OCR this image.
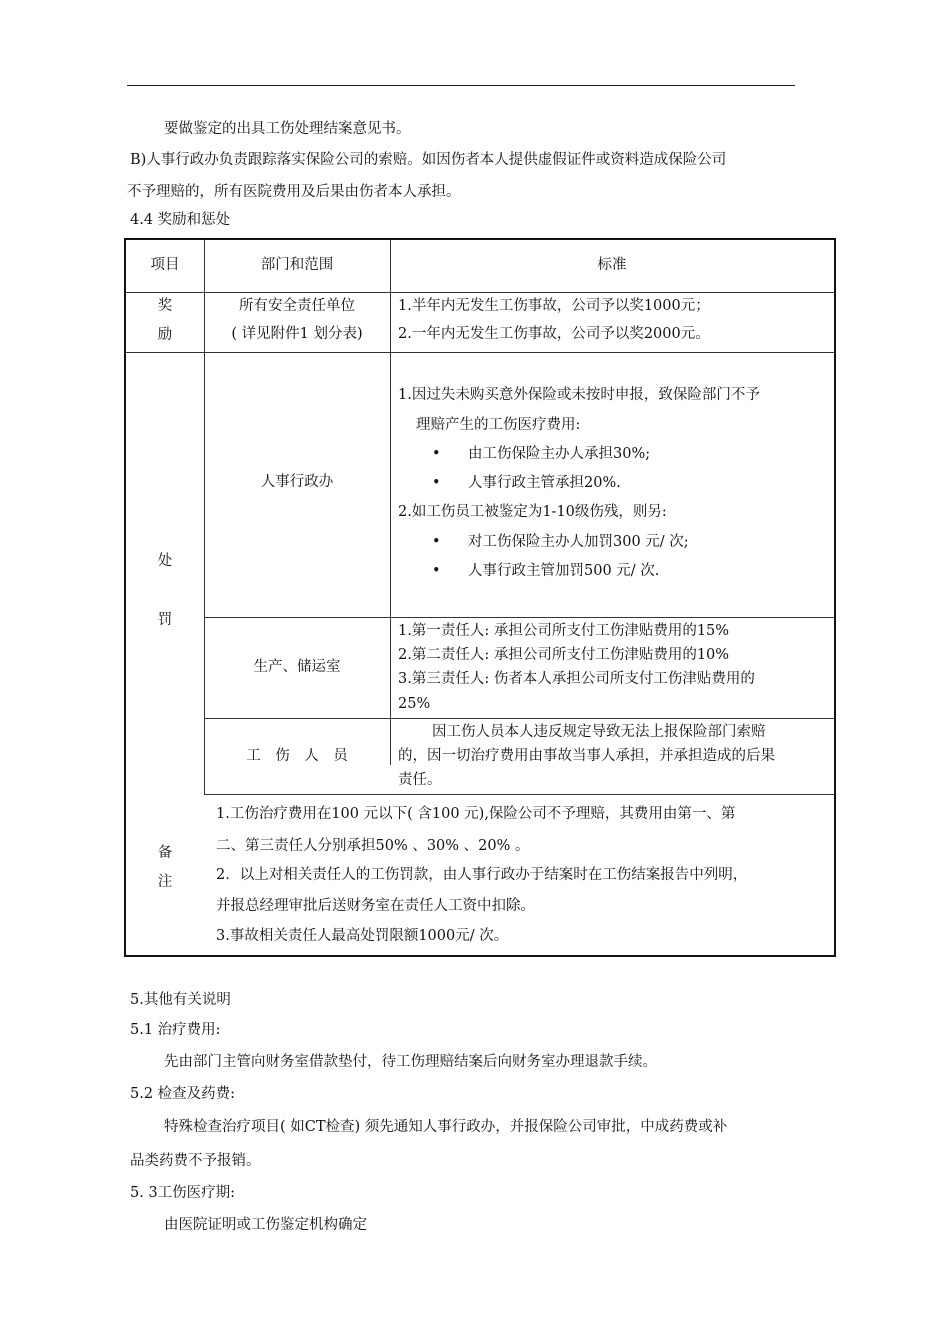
要做鉴定的出具工伤处理结案意见书。
B)人事行政办负责跟踪落实保险公司的索赔。如因伤者本人提供虚假证件或资料造成保险公司
不予理赔的，所有医院费用及后果由伤者本人承担。
4.4 奖励和惩处
项目	部门和范围	标准
奖
励
所有安全责任单位
( 详见附件1 划分表)
1.半年内无发生工伤事故，公司予以奖1000元；
2.一年内无发生工伤事故，公司予以奖2000元。
处
罚
人事行政办
1.因过失未购买意外保险或未按时申报，致保险部门不予
理赔产生的工伤医疗费用:
• 由工伤保险主办人承担30%;
• 人事行政主管承担20%.
2.如工伤员工被鉴定为1-10级伤残，则另:
• 对工伤保险主办人加罚300 元/ 次;
• 人事行政主管加罚500 元/ 次.
生产、储运室
1.第一责任人: 承担公司所支付工伤津贴费用的15%
2.第二责任人: 承担公司所支付工伤津贴费用的10%
3.第三责任人: 伤者本人承担公司所支付工伤津贴费用的
25%
工　伤　人　员
因工伤人员本人违反规定导致无法上报保险部门索赔
的，因一切治疗费用由事故当事人承担，并承担造成的后果
责任。
备
注
1.工伤治疗费用在100 元以下( 含100 元),保险公司不予理赔，其费用由第一、第
二、第三责任人分别承担50% 、30% 、20% 。
2．以上对相关责任人的工伤罚款，由人事行政办于结案时在工伤结案报告中列明，
并报总经理审批后送财务室在责任人工资中扣除。
3.事故相关责任人最高处罚限额1000元/ 次。
5.其他有关说明
5.1 治疗费用:
先由部门主管向财务室借款垫付，待工伤理赔结案后向财务室办理退款手续。
5.2 检查及药费:
特殊检查治疗项目( 如CT检查) 须先通知人事行政办，并报保险公司审批，中成药费或补
品类药费不予报销。
5. 3工伤医疗期:
由医院证明或工伤鉴定机构确定
